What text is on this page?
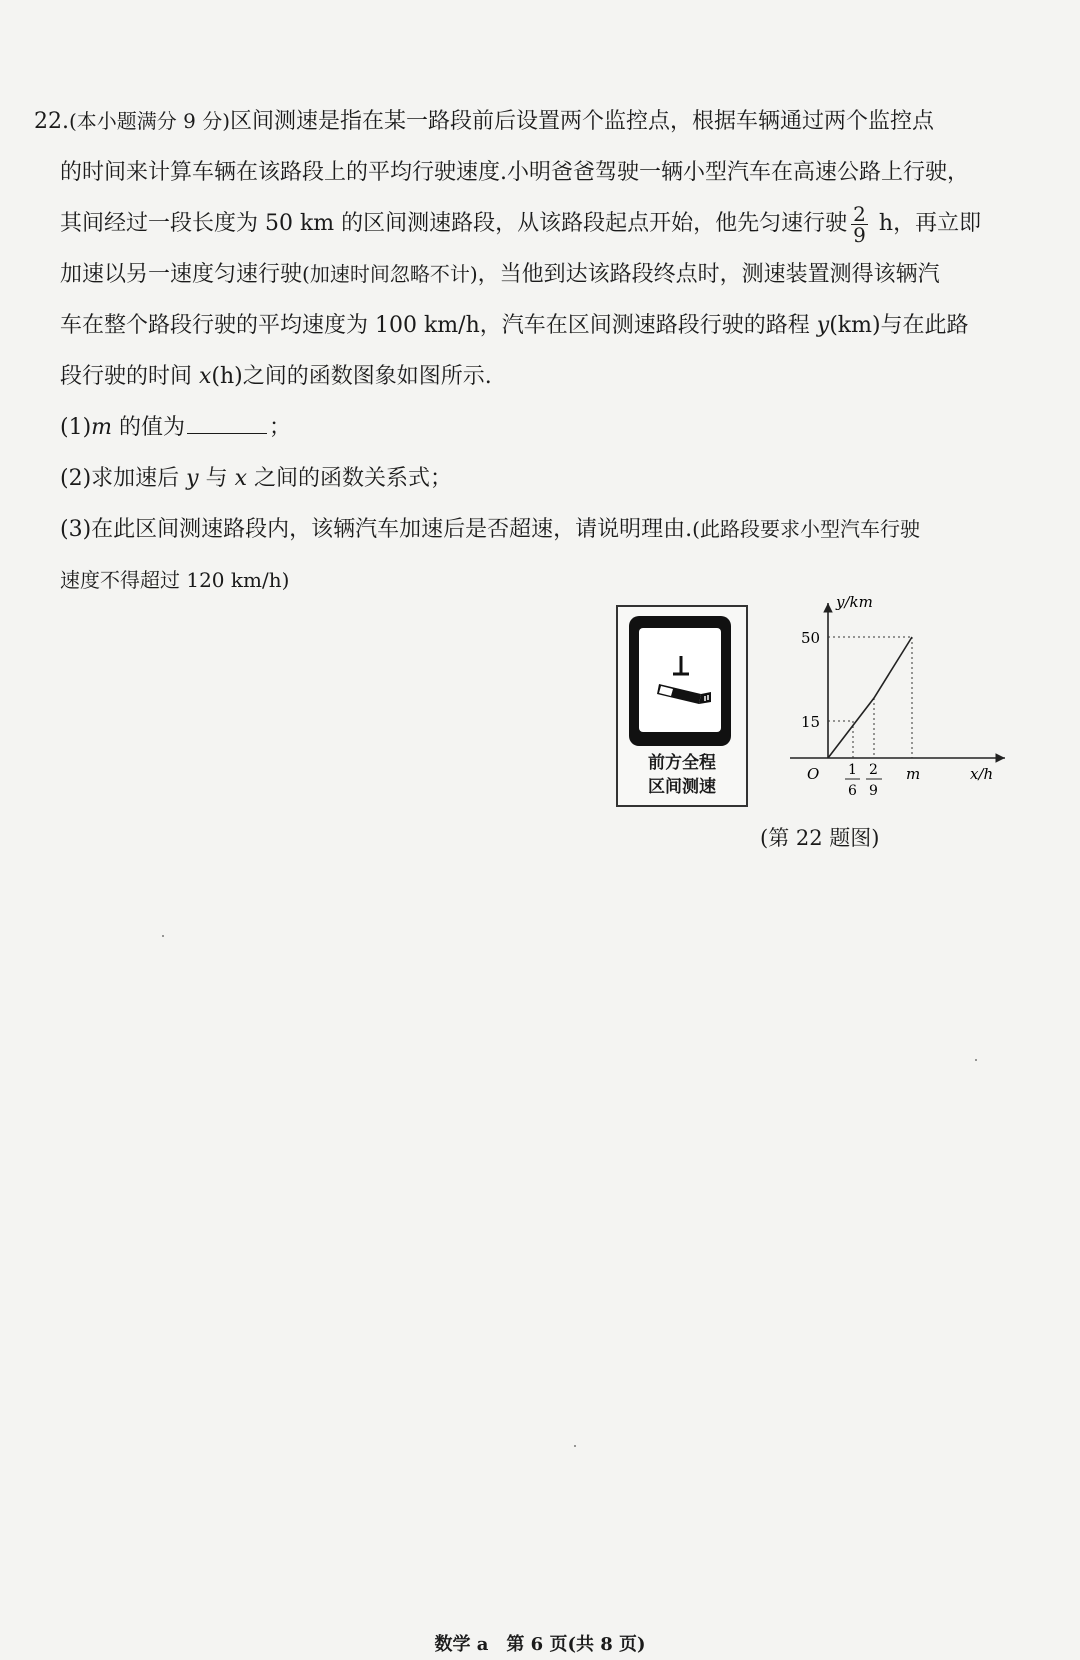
22.(本小题满分 9 分)区间测速是指在某一路段前后设置两个监控点，根据车辆通过两个监控点

的时间来计算车辆在该路段上的平均行驶速度.小明爸爸驾驶一辆小型汽车在高速公路上行驶，

其间经过一段长度为 50 km 的区间测速路段，从该路段起点开始，他先匀速行驶 $\frac{2}{9}$ h，再立即

加速以另一速度匀速行驶(加速时间忽略不计)，当他到达该路段终点时，测速装置测得该辆汽

车在整个路段行驶的平均速度为 100 km/h，汽车在区间测速路段行驶的路程 y(km)与在此路

段行驶的时间 x(h)之间的函数图象如图所示.

(1)m 的值为	；

(2)求加速后 y 与 x 之间的函数关系式；

(3)在此区间测速路段内，该辆汽车加速后是否超速，请说明理由.(此路段要求小型汽车行驶

速度不得超过 120 km/h)

前方全程
区间测速
y/km
x/h
O
50
15
1
6
2
9
m
(第 22 题图)
数学 a　第 6 页(共 8 页)
